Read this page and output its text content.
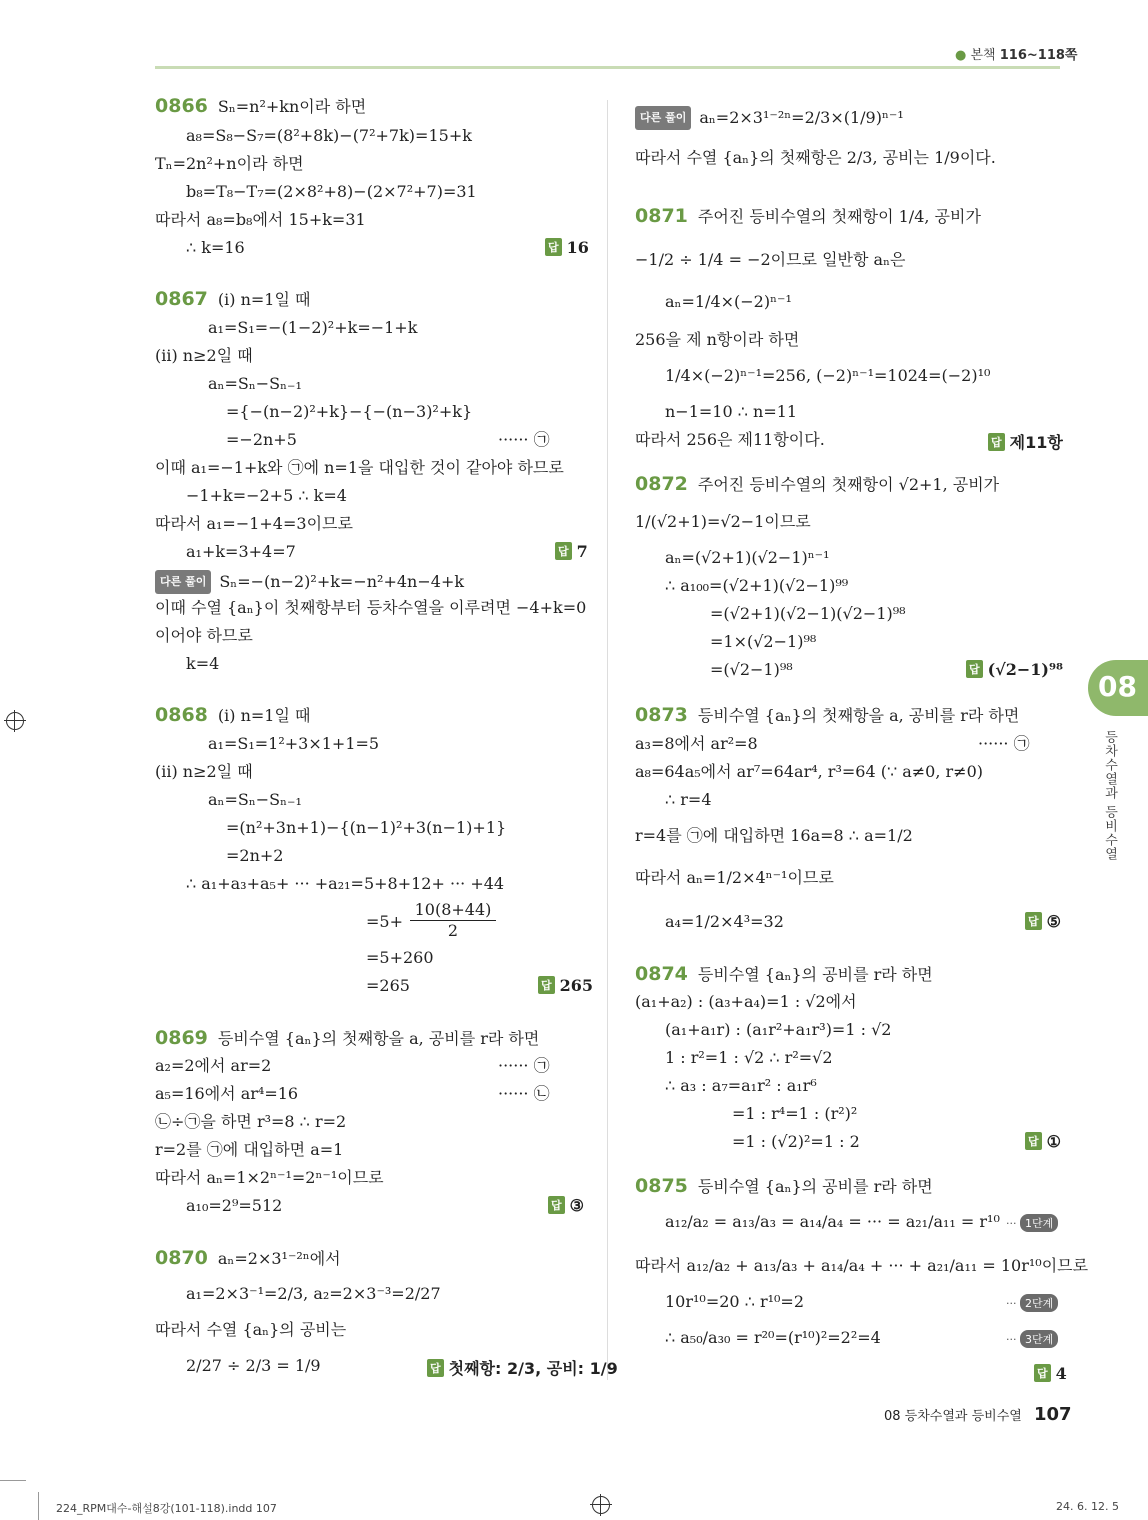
● 본책 116~118쪽
0866 Sₙ=n²+kn이라 하면
a₈=S₈−S₇=(8²+8k)−(7²+7k)=15+k
Tₙ=2n²+n이라 하면
b₈=T₈−T₇=(2×8²+8)−(2×7²+7)=31
따라서 a₈=b₈에서 15+k=31
∴ k=16	답 16
0867 (ⅰ) n=1일 때
a₁=S₁=−(1−2)²+k=−1+k
(ⅱ) n≥2일 때
aₙ=Sₙ−Sₙ₋₁
={−(n−2)²+k}−{−(n−3)²+k}
=−2n+5	······ ㉠
이때 a₁=−1+k와 ㉠에 n=1을 대입한 것이 같아야 하므로
−1+k=−2+5 ∴ k=4
따라서 a₁=−1+4=3이므로
a₁+k=3+4=7	답 7
다른 풀이 Sₙ=−(n−2)²+k=−n²+4n−4+k
이때 수열 {aₙ}이 첫째항부터 등차수열을 이루려면 −4+k=0
이어야 하므로
k=4
0868 (ⅰ) n=1일 때
a₁=S₁=1²+3×1+1=5
(ⅱ) n≥2일 때
aₙ=Sₙ−Sₙ₋₁
=(n²+3n+1)−{(n−1)²+3(n−1)+1}
=2n+2
∴ a₁+a₃+a₅+ ··· +a₂₁=5+8+12+ ··· +44
$=5+ \frac{10(8+44)}{2}$
=5+260
=265	답 265
0869 등비수열 {aₙ}의 첫째항을 a, 공비를 r라 하면
a₂=2에서 ar=2	······ ㉠
a₅=16에서 ar⁴=16	······ ㉡
㉡÷㉠을 하면 r³=8 ∴ r=2
r=2를 ㉠에 대입하면 a=1
따라서 aₙ=1×2ⁿ⁻¹=2ⁿ⁻¹이므로
a₁₀=2⁹=512	답 ③
0870 aₙ=2×3¹⁻²ⁿ에서
a₁=2×3⁻¹=2/3, a₂=2×3⁻³=2/27
따라서 수열 {aₙ}의 공비는
2/27 ÷ 2/3 = 1/9	답 첫째항: 2/3, 공비: 1/9
다른 풀이 aₙ=2×3¹⁻²ⁿ=2/3×(1/9)ⁿ⁻¹
따라서 수열 {aₙ}의 첫째항은 2/3, 공비는 1/9이다.
0871 주어진 등비수열의 첫째항이 1/4, 공비가
−1/2 ÷ 1/4 = −2이므로 일반항 aₙ은
aₙ=1/4×(−2)ⁿ⁻¹
256을 제 n항이라 하면
1/4×(−2)ⁿ⁻¹=256, (−2)ⁿ⁻¹=1024=(−2)¹⁰
n−1=10 ∴ n=11
따라서 256은 제11항이다.	답 제11항
0872 주어진 등비수열의 첫째항이 √2+1, 공비가
1/(√2+1)=√2−1이므로
aₙ=(√2+1)(√2−1)ⁿ⁻¹
∴ a₁₀₀=(√2+1)(√2−1)⁹⁹
=(√2+1)(√2−1)(√2−1)⁹⁸
=1×(√2−1)⁹⁸
=(√2−1)⁹⁸	답 (√2−1)⁹⁸
0873 등비수열 {aₙ}의 첫째항을 a, 공비를 r라 하면
a₃=8에서 ar²=8	······ ㉠
a₈=64a₅에서 ar⁷=64ar⁴, r³=64 (∵ a≠0, r≠0)
∴ r=4
r=4를 ㉠에 대입하면 16a=8 ∴ a=1/2
따라서 aₙ=1/2×4ⁿ⁻¹이므로
a₄=1/2×4³=32	답 ⑤
0874 등비수열 {aₙ}의 공비를 r라 하면
(a₁+a₂) : (a₃+a₄)=1 : √2에서
(a₁+a₁r) : (a₁r²+a₁r³)=1 : √2
1 : r²=1 : √2 ∴ r²=√2
∴ a₃ : a₇=a₁r² : a₁r⁶
=1 : r⁴=1 : (r²)²
=1 : (√2)²=1 : 2	답 ①
0875 등비수열 {aₙ}의 공비를 r라 하면
a₁₂/a₂ = a₁₃/a₃ = a₁₄/a₄ = ··· = a₂₁/a₁₁ = r¹⁰ ··· 1단계
따라서 a₁₂/a₂ + a₁₃/a₃ + a₁₄/a₄ + ··· + a₂₁/a₁₁ = 10r¹⁰이므로
10r¹⁰=20 ∴ r¹⁰=2	··· 2단계
∴ a₅₀/a₃₀ = r²⁰=(r¹⁰)²=2²=4	··· 3단계
답 4
08
등차수열과 등비수열
08 등차수열과 등비수열 107
224_RPM대수-해설8강(101-118).indd 107	24. 6. 12. 5
